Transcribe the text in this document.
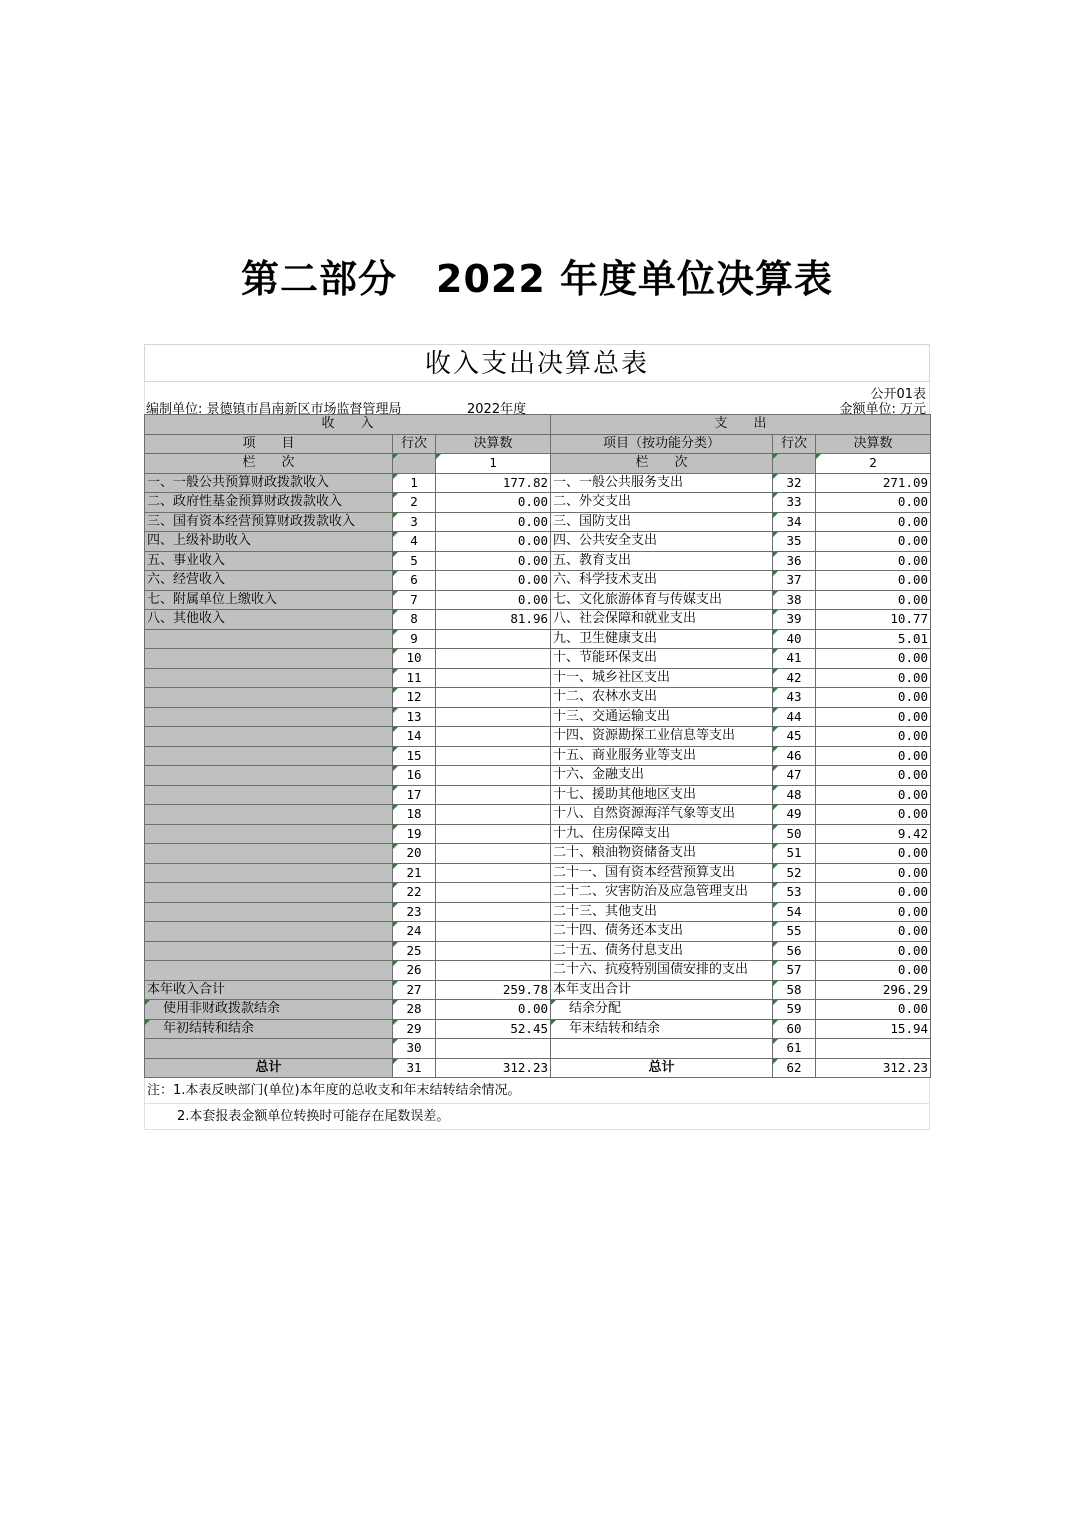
第二部分　2022 年度单位决算表
收入支出决算总表
公开01表
编制单位: 景德镇市昌南新区市场监督管理局	2022年度	金额单位: 万元
收　　入			支　　出		
项　　目	行次	决算数	项目（按功能分类）	行次	决算数
栏　　次		1	栏　　次		2
一、一般公共预算财政拨款收入	1	177.82	一、一般公共服务支出	32	271.09
二、政府性基金预算财政拨款收入	2	0.00	二、外交支出	33	0.00
三、国有资本经营预算财政拨款收入	3	0.00	三、国防支出	34	0.00
四、上级补助收入	4	0.00	四、公共安全支出	35	0.00
五、事业收入	5	0.00	五、教育支出	36	0.00
六、经营收入	6	0.00	六、科学技术支出	37	0.00
七、附属单位上缴收入	7	0.00	七、文化旅游体育与传媒支出	38	0.00
八、其他收入	8	81.96	八、社会保障和就业支出	39	10.77
	9		九、卫生健康支出	40	5.01
	10		十、节能环保支出	41	0.00
	11		十一、城乡社区支出	42	0.00
	12		十二、农林水支出	43	0.00
	13		十三、交通运输支出	44	0.00
	14		十四、资源勘探工业信息等支出	45	0.00
	15		十五、商业服务业等支出	46	0.00
	16		十六、金融支出	47	0.00
	17		十七、援助其他地区支出	48	0.00
	18		十八、自然资源海洋气象等支出	49	0.00
	19		十九、住房保障支出	50	9.42
	20		二十、粮油物资储备支出	51	0.00
	21		二十一、国有资本经营预算支出	52	0.00
	22		二十二、灾害防治及应急管理支出	53	0.00
	23		二十三、其他支出	54	0.00
	24		二十四、债务还本支出	55	0.00
	25		二十五、债务付息支出	56	0.00
	26		二十六、抗疫特别国债安排的支出	57	0.00
本年收入合计	27	259.78	本年支出合计	58	296.29
使用非财政拨款结余	28	0.00	结余分配	59	0.00
年初结转和结余	29	52.45	年末结转和结余	60	15.94
	30			61	
总计	31	312.23	总计	62	312.23
注：1.本表反映部门(单位)本年度的总收支和年末结转结余情况。
2.本套报表金额单位转换时可能存在尾数误差。
